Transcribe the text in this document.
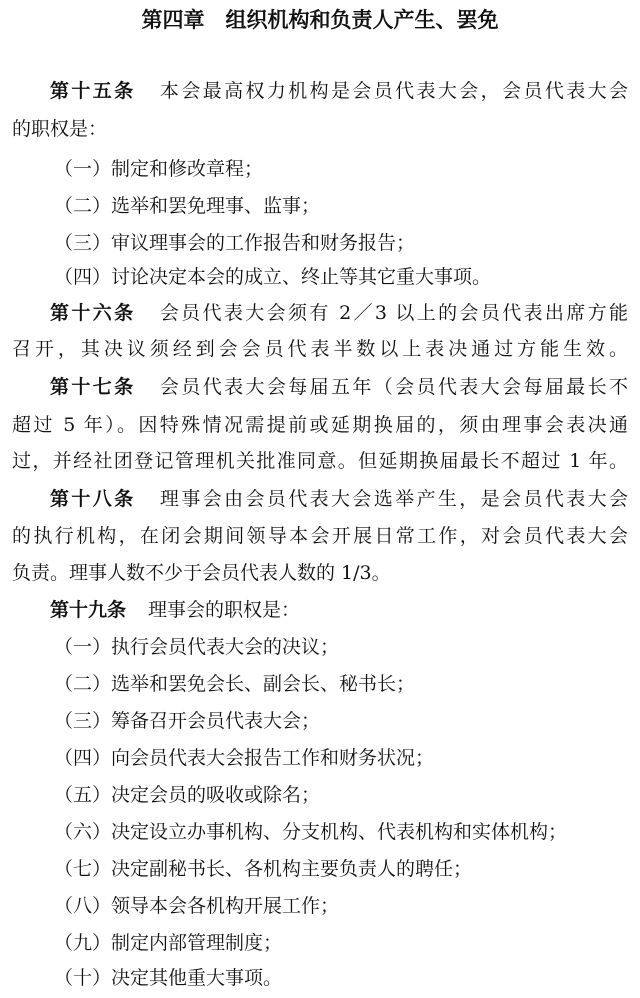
第四章　组织机构和负责人产生、罢免
第十五条 本会最高权力机构是会员代表大会，会员代表大会
的职权是：
（一）制定和修改章程；
（二）选举和罢免理事、监事；
（三）审议理事会的工作报告和财务报告；
（四）讨论决定本会的成立、终止等其它重大事项。
第十六条 会员代表大会须有 2／3 以上的会员代表出席方能
召开，其决议须经到会会员代表半数以上表决通过方能生效。
第十七条 会员代表大会每届五年（会员代表大会每届最长不
超过 5 年）。因特殊情况需提前或延期换届的，须由理事会表决通
过，并经社团登记管理机关批准同意。但延期换届最长不超过 1 年。
第十八条 理事会由会员代表大会选举产生，是会员代表大会
的执行机构，在闭会期间领导本会开展日常工作，对会员代表大会
负责。理事人数不少于会员代表人数的 1/3。
第十九条 理事会的职权是：
（一）执行会员代表大会的决议；
（二）选举和罢免会长、副会长、秘书长；
（三）筹备召开会员代表大会；
（四）向会员代表大会报告工作和财务状况；
（五）决定会员的吸收或除名；
（六）决定设立办事机构、分支机构、代表机构和实体机构；
（七）决定副秘书长、各机构主要负责人的聘任；
（八）领导本会各机构开展工作；
（九）制定内部管理制度；
（十）决定其他重大事项。
